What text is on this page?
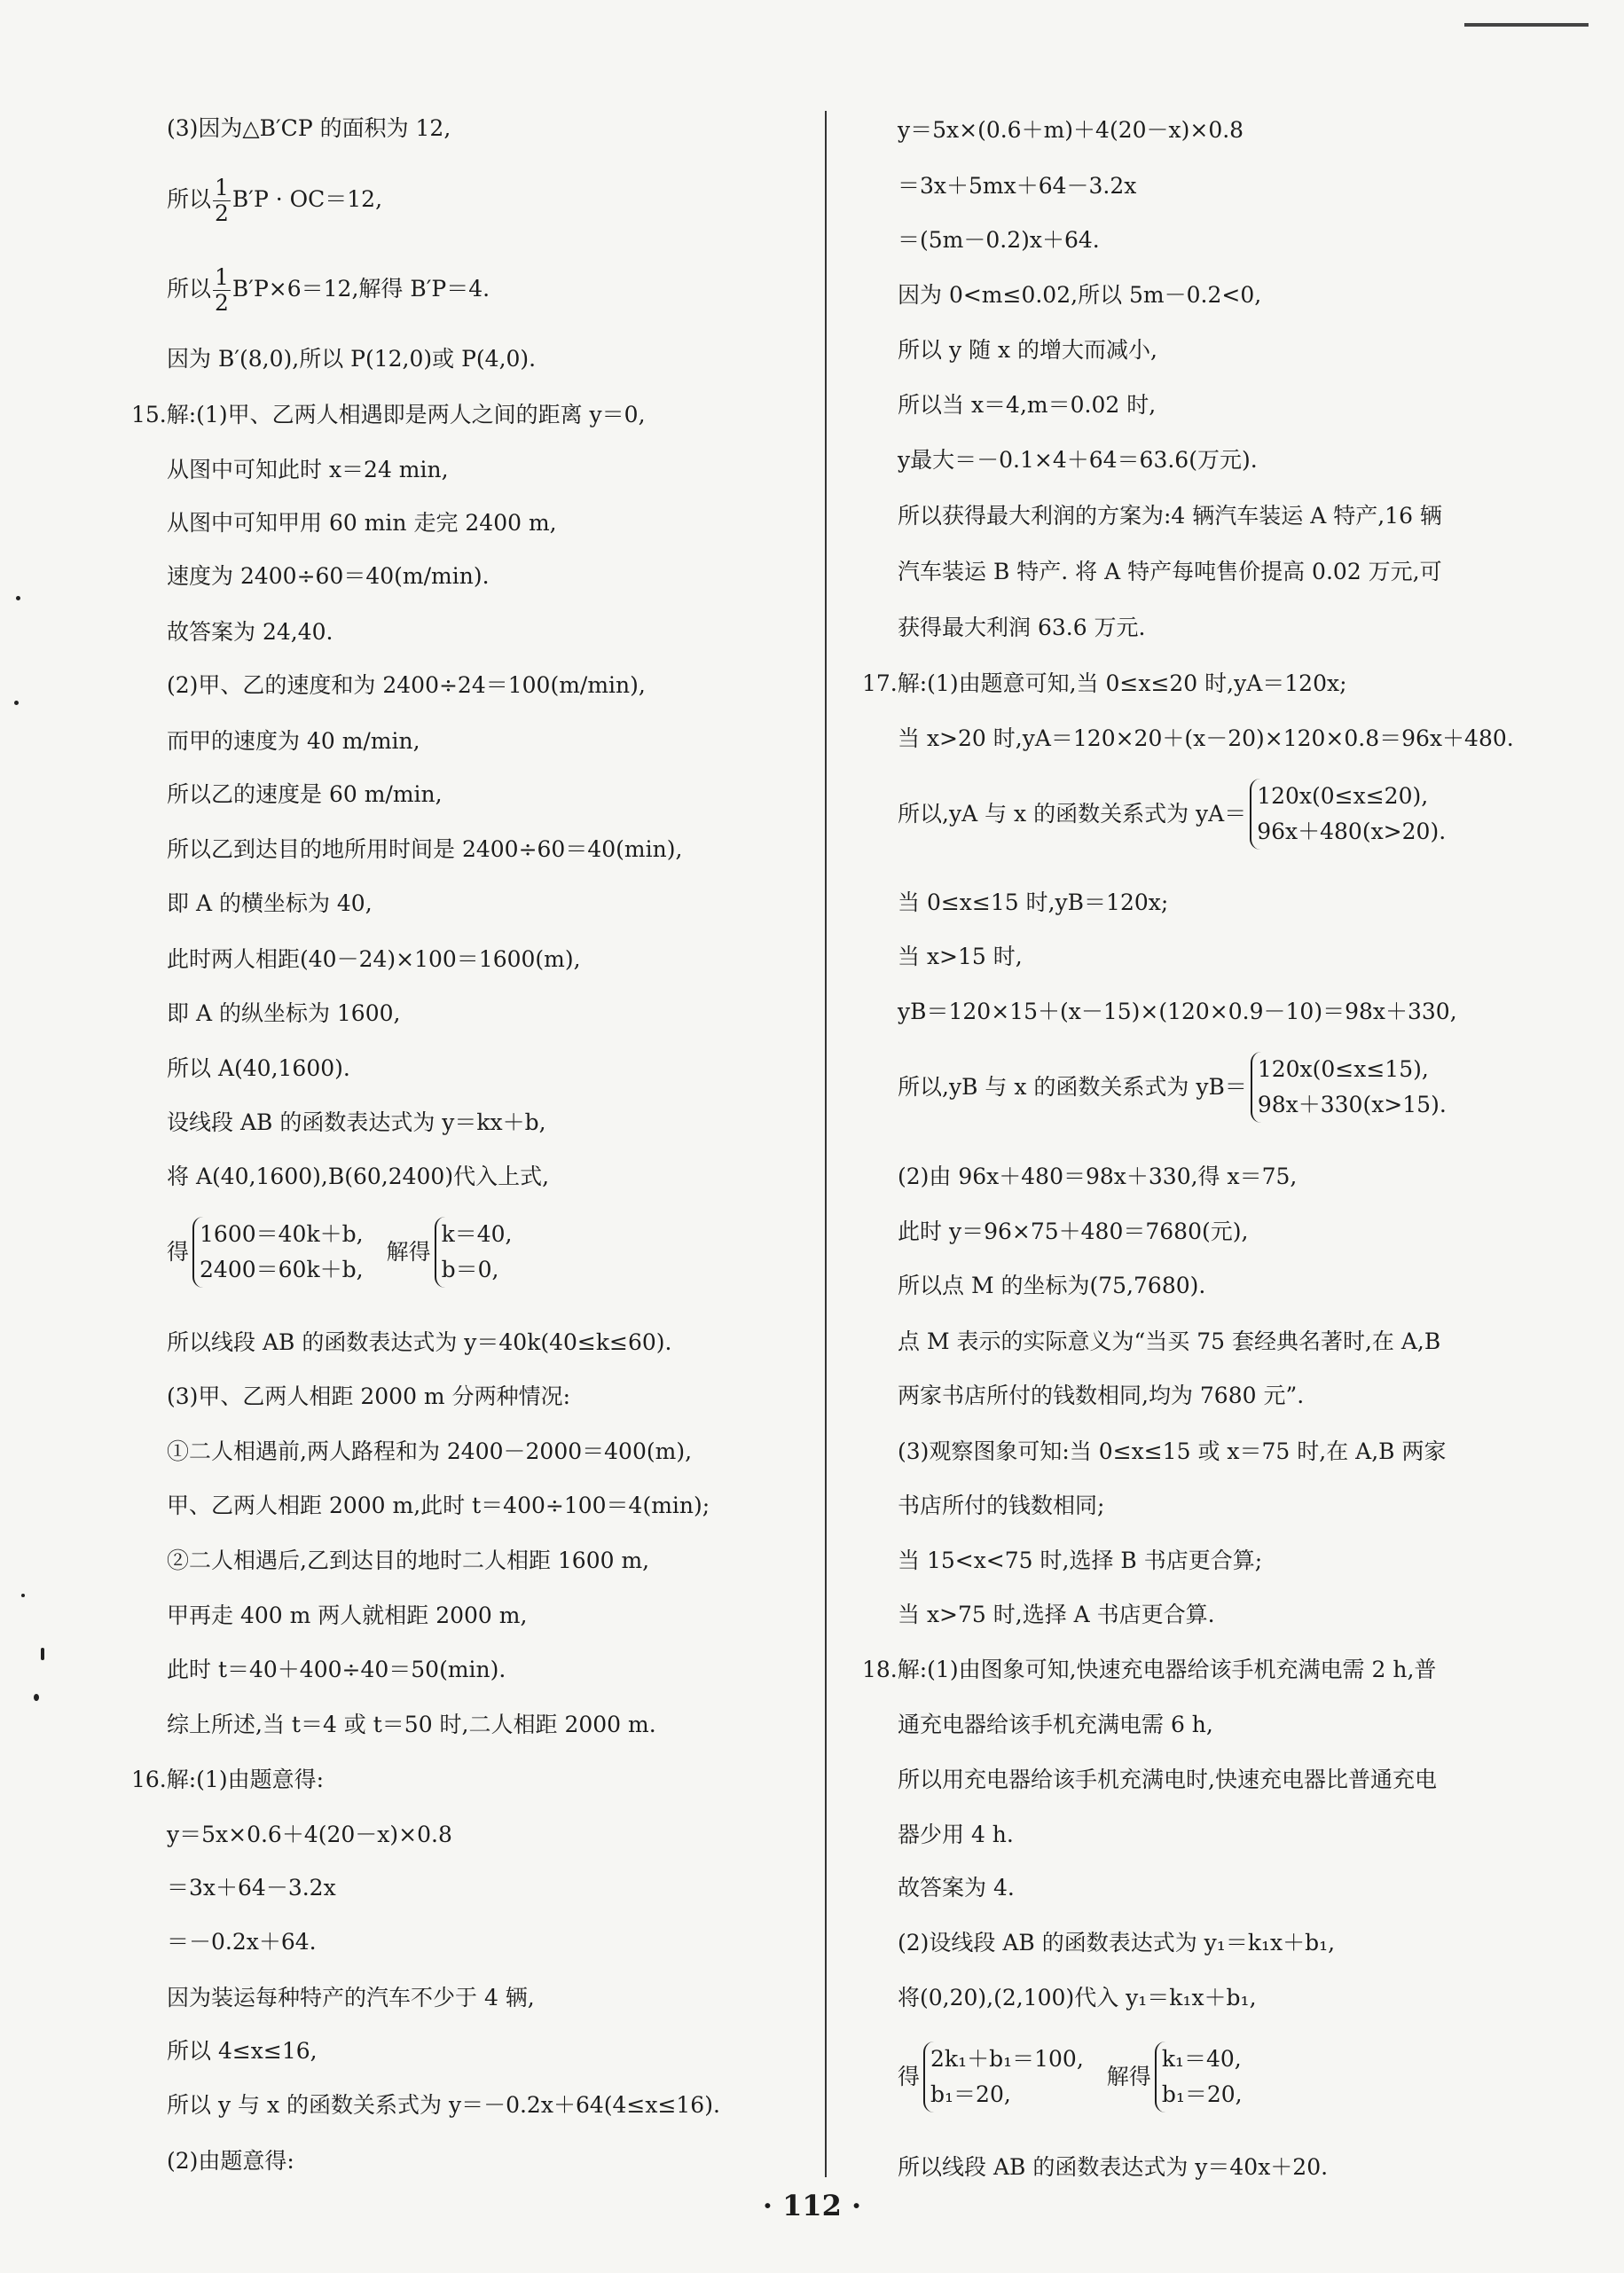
(3)因为△B′CP 的面积为 12,
所以 $\frac{1}{2} B'P \cdot OC=12$,
所以 $\frac{1}{2} B'P\times 6=12$,解得 B′P＝4.
因为 B′(8,0),所以 P(12,0)或 P(4,0).
15.解:(1)甲、乙两人相遇即是两人之间的距离 y＝0,
从图中可知此时 x＝24 min,
从图中可知甲用 60 min 走完 2400 m,
速度为 2400÷60＝40(m/min).
故答案为 24,40.
(2)甲、乙的速度和为 2400÷24＝100(m/min),
而甲的速度为 40 m/min,
所以乙的速度是 60 m/min,
所以乙到达目的地所用时间是 2400÷60＝40(min),
即 A 的横坐标为 40,
此时两人相距(40－24)×100＝1600(m),
即 A 的纵坐标为 1600,
所以 A(40,1600).
设线段 AB 的函数表达式为 y＝kx＋b,
将 A(40,1600),B(60,2400)代入上式,
得
1600＝40k＋b,
2400＝60k＋b,
解得
k＝40,
b＝0,
所以线段 AB 的函数表达式为 y＝40k(40≤k≤60).
(3)甲、乙两人相距 2000 m 分两种情况:
①二人相遇前,两人路程和为 2400－2000＝400(m),
甲、乙两人相距 2000 m,此时 t＝400÷100＝4(min);
②二人相遇后,乙到达目的地时二人相距 1600 m,
甲再走 400 m 两人就相距 2000 m,
此时 t＝40＋400÷40＝50(min).
综上所述,当 t＝4 或 t＝50 时,二人相距 2000 m.
16.解:(1)由题意得:
y＝5x×0.6＋4(20－x)×0.8
＝3x＋64－3.2x
＝－0.2x＋64.
因为装运每种特产的汽车不少于 4 辆,
所以 4≤x≤16,
所以 y 与 x 的函数关系式为 y＝－0.2x＋64(4≤x≤16).
(2)由题意得:
y＝5x×(0.6＋m)＋4(20－x)×0.8
＝3x＋5mx＋64－3.2x
＝(5m－0.2)x＋64.
因为 0<m≤0.02,所以 5m－0.2<0,
所以 y 随 x 的增大而减小,
所以当 x＝4,m＝0.02 时,
y最大＝－0.1×4＋64＝63.6(万元).
所以获得最大利润的方案为:4 辆汽车装运 A 特产,16 辆
汽车装运 B 特产. 将 A 特产每吨售价提高 0.02 万元,可
获得最大利润 63.6 万元.
17.解:(1)由题意可知,当 0≤x≤20 时,yA＝120x;
当 x>20 时,yA＝120×20＋(x－20)×120×0.8＝96x＋480.
所以,yA 与 x 的函数关系式为 yA＝
120x(0≤x≤20),
96x＋480(x>20).
当 0≤x≤15 时,yB＝120x;
当 x>15 时,
yB＝120×15＋(x－15)×(120×0.9－10)＝98x＋330,
所以,yB 与 x 的函数关系式为 yB＝
120x(0≤x≤15),
98x＋330(x>15).
(2)由 96x＋480＝98x＋330,得 x＝75,
此时 y＝96×75＋480＝7680(元),
所以点 M 的坐标为(75,7680).
点 M 表示的实际意义为“当买 75 套经典名著时,在 A,B
两家书店所付的钱数相同,均为 7680 元”.
(3)观察图象可知:当 0≤x≤15 或 x＝75 时,在 A,B 两家
书店所付的钱数相同;
当 15<x<75 时,选择 B 书店更合算;
当 x>75 时,选择 A 书店更合算.
18.解:(1)由图象可知,快速充电器给该手机充满电需 2 h,普
通充电器给该手机充满电需 6 h,
所以用充电器给该手机充满电时,快速充电器比普通充电
器少用 4 h.
故答案为 4.
(2)设线段 AB 的函数表达式为 y₁＝k₁x＋b₁,
将(0,20),(2,100)代入 y₁＝k₁x＋b₁,
得
2k₁＋b₁＝100,
b₁＝20,
解得
k₁＝40,
b₁＝20,
所以线段 AB 的函数表达式为 y＝40x＋20.
· 112 ·
